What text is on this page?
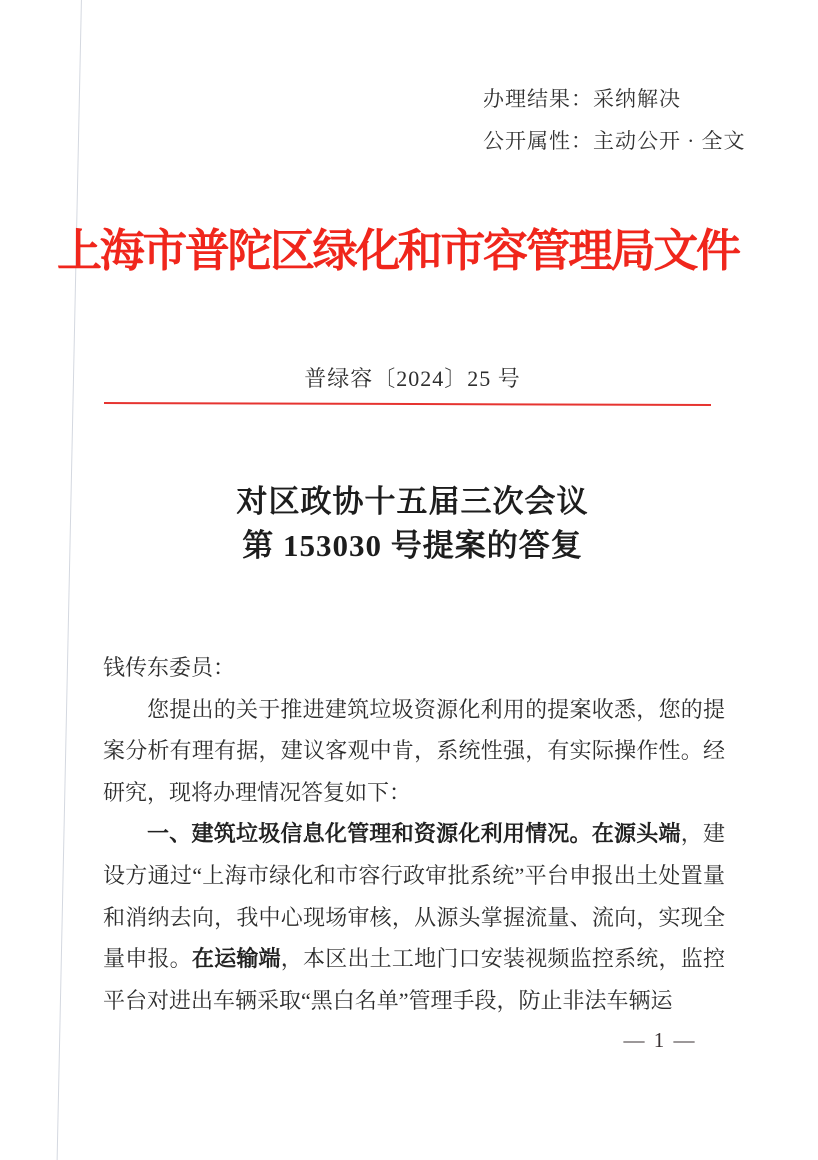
办理结果：采纳解决
公开属性：主动公开 · 全文
上海市普陀区绿化和市容管理局文件
普绿容〔2024〕25 号
对区政协十五届三次会议
第 153030 号提案的答复

钱传东委员：

您提出的关于推进建筑垃圾资源化利用的提案收悉，您的提案分析有理有据，建议客观中肯，系统性强，有实际操作性。经研究，现将办理情况答复如下：

一、建筑垃圾信息化管理和资源化利用情况。在源头端，建设方通过“上海市绿化和市容行政审批系统”平台申报出土处置量和消纳去向，我中心现场审核，从源头掌握流量、流向，实现全量申报。在运输端，本区出土工地门口安装视频监控系统，监控平台对进出车辆采取“黑白名单”管理手段，防止非法车辆运

— 1 —
